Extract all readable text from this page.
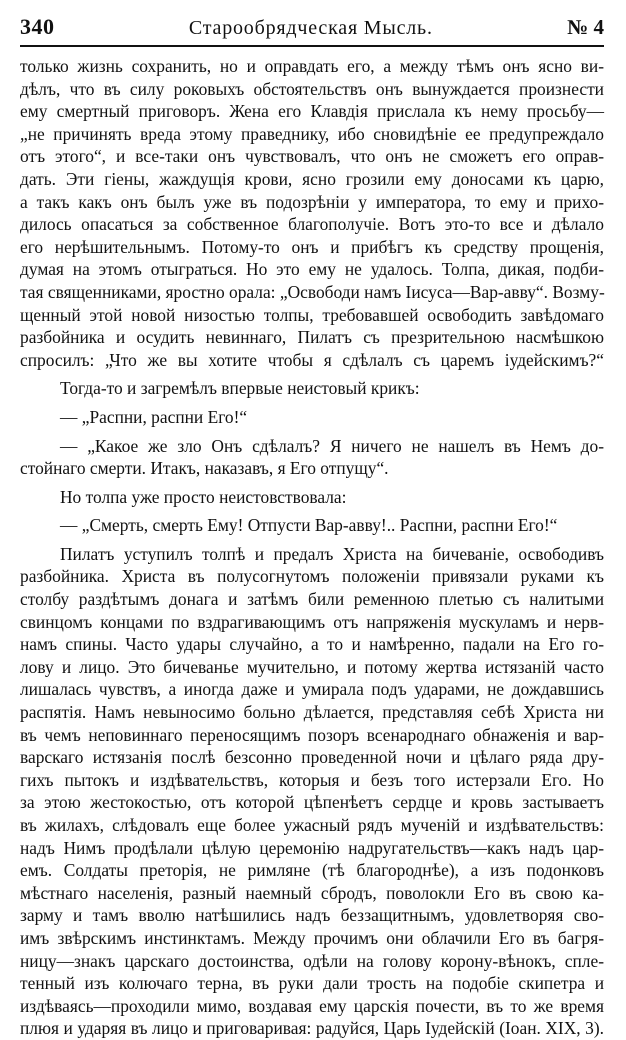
340	Старообрядческая Мысль.	№ 4
только жизнь сохранить, но и оправдать его, а между тѣмъ онъ ясно ви-
дѣлъ, что въ силу роковыхъ обстоятельствъ онъ вынуждается произнести
ему смертный приговоръ. Жена его Клавдія прислала къ нему просьбу—
„не причинять вреда этому праведнику, ибо сновидѣніе ее предупреждало
отъ этого“, и все-таки онъ чувствовалъ, что онъ не сможетъ его оправ-
дать. Эти гіены, жаждущія крови, ясно грозили ему доносами къ царю,
а такъ какъ онъ былъ уже въ подозрѣніи у императора, то ему и прихо-
дилось опасаться за собственное благополучіе. Вотъ это-то все и дѣлало
его нерѣшительнымъ. Потому-то онъ и прибѣгъ къ средству прощенія,
думая на этомъ отыграться. Но это ему не удалось. Толпа, дикая, подби-
тая священниками, яростно орала: „Освободи намъ Іисуса—Вар-авву“. Возму-
щенный этой новой низостью толпы, требовавшей освободить завѣдомаго
разбойника и осудить невиннаго, Пилатъ съ презрительною насмѣшкою
спросилъ: „Что же вы хотите чтобы я сдѣлалъ съ царемъ іудейскимъ?“
Тогда-то и загремѣлъ впервые неистовый крикъ:
— „Распни, распни Его!“
— „Какое же зло Онъ сдѣлалъ? Я ничего не нашелъ въ Немъ до-
стойнаго смерти. Итакъ, наказавъ, я Его отпущу“.
Но толпа уже просто неистовствовала:
— „Смерть, смерть Ему! Отпусти Вар-авву!.. Распни, распни Его!“
Пилатъ уступилъ толпѣ и предалъ Христа на бичеваніе, освободивъ
разбойника. Христа въ полусогнутомъ положеніи привязали руками къ
столбу раздѣтымъ донага и затѣмъ били ременною плетью съ налитыми
свинцомъ концами по вздрагивающимъ отъ напряженія мускуламъ и нерв-
намъ спины. Часто удары случайно, а то и намѣренно, падали на Его го-
лову и лицо. Это бичеванье мучительно, и потому жертва истязаній часто
лишалась чувствъ, а иногда даже и умирала подъ ударами, не дождавшись
распятія. Намъ невыносимо больно дѣлается, представляя себѣ Христа ни
въ чемъ неповиннаго переносящимъ позоръ всенароднаго обнаженія и вар-
варскаго истязанія послѣ безсонно проведенной ночи и цѣлаго ряда дру-
гихъ пытокъ и издѣвательствъ, которыя и безъ того истерзали Его. Но
за этою жестокостью, отъ которой цѣпенѣетъ сердце и кровь застываетъ
въ жилахъ, слѣдовалъ еще более ужасный рядъ мученій и издѣвательствъ:
надъ Нимъ продѣлали цѣлую церемонію надругательствъ—какъ надъ цар-
емъ. Солдаты преторія, не римляне (тѣ благороднѣе), а изъ подонковъ
мѣстнаго населенія, разный наемный сбродъ, поволокли Его въ свою ка-
зарму и тамъ вволю натѣшились надъ беззащитнымъ, удовлетворяя сво-
имъ звѣрскимъ инстинктамъ. Между прочимъ они облачили Его въ багря-
ницу—знакъ царскаго достоинства, одѣли на голову корону-вѣнокъ, спле-
тенный изъ колючаго терна, въ руки дали трость на подобіе скипетра и
издѣваясь—проходили мимо, воздавая ему царскія почести, въ то же время
плюя и ударяя въ лицо и приговаривая: радуйся, Царь Іудейскій (Іоан. XIX, 3).
